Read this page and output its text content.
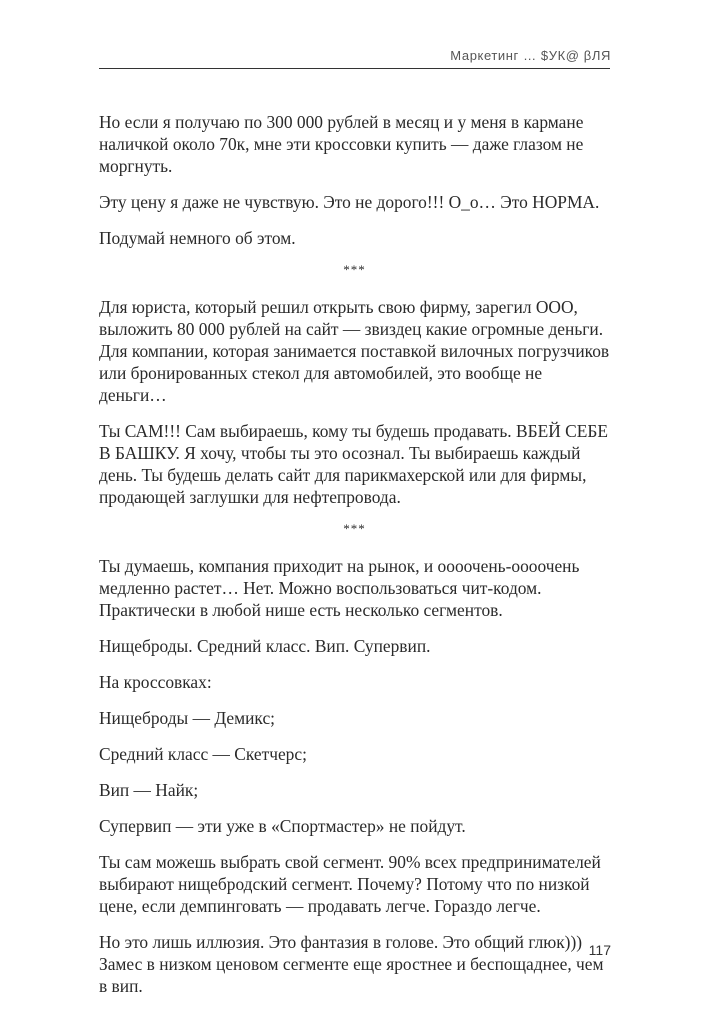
Маркетинг … $УК@ βЛЯ

Но если я получаю по 300 000 рублей в месяц и у меня в кармане наличкой около 70к, мне эти кроссовки купить — даже глазом не моргнуть.

Эту цену я даже не чувствую. Это не дорого!!! О_о… Это НОРМА.

Подумай немного об этом.

***

Для юриста, который решил открыть свою фирму, зарегил ООО, выложить 80 000 рублей на сайт — звиздец какие огромные деньги. Для компании, которая занимается поставкой вилочных погрузчиков или бронированных стекол для автомобилей, это вообще не деньги…

Ты САМ!!! Сам выбираешь, кому ты будешь продавать. ВБЕЙ СЕБЕ В БАШКУ. Я хочу, чтобы ты это осознал. Ты выбираешь каждый день. Ты будешь делать сайт для парикмахерской или для фирмы, продающей заглушки для нефтепровода.

***

Ты думаешь, компания приходит на рынок, и оооочень-оооочень медленно растет… Нет. Можно воспользоваться чит-кодом. Практически в любой нише есть несколько сегментов.

Нищеброды. Средний класс. Вип. Супервип.

На кроссовках:

Нищеброды — Демикс;

Средний класс — Скетчерс;

Вип — Найк;

Супервип — эти уже в «Спортмастер» не пойдут.

Ты сам можешь выбрать свой сегмент. 90% всех предпринимателей выбирают нищебродский сегмент. Почему? Потому что по низкой цене, если демпинговать — продавать легче. Гораздо легче.

Но это лишь иллюзия. Это фантазия в голове. Это общий глюк))) Замес в низком ценовом сегменте еще яростнее и беспощаднее, чем в вип.

117
